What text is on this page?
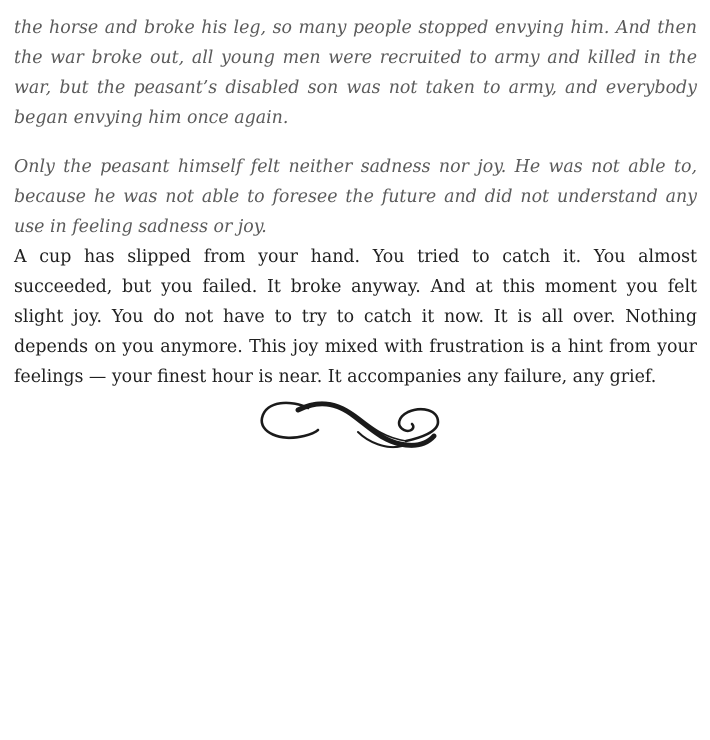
the horse and broke his leg, so many people stopped envying him. And then the war broke out, all young men were recruited to army and killed in the war, but the peasant’s disabled son was not taken to army, and everybody began envying him once again.

Only the peasant himself felt neither sadness nor joy. He was not able to, because he was not able to foresee the future and did not understand any use in feeling sadness or joy.

A cup has slipped from your hand. You tried to catch it. You almost succeeded, but you failed. It broke anyway. And at this moment you felt slight joy. You do not have to try to catch it now. It is all over. Nothing depends on you anymore. This joy mixed with frustration is a hint from your feelings — your finest hour is near. It accompanies any failure, any grief.
